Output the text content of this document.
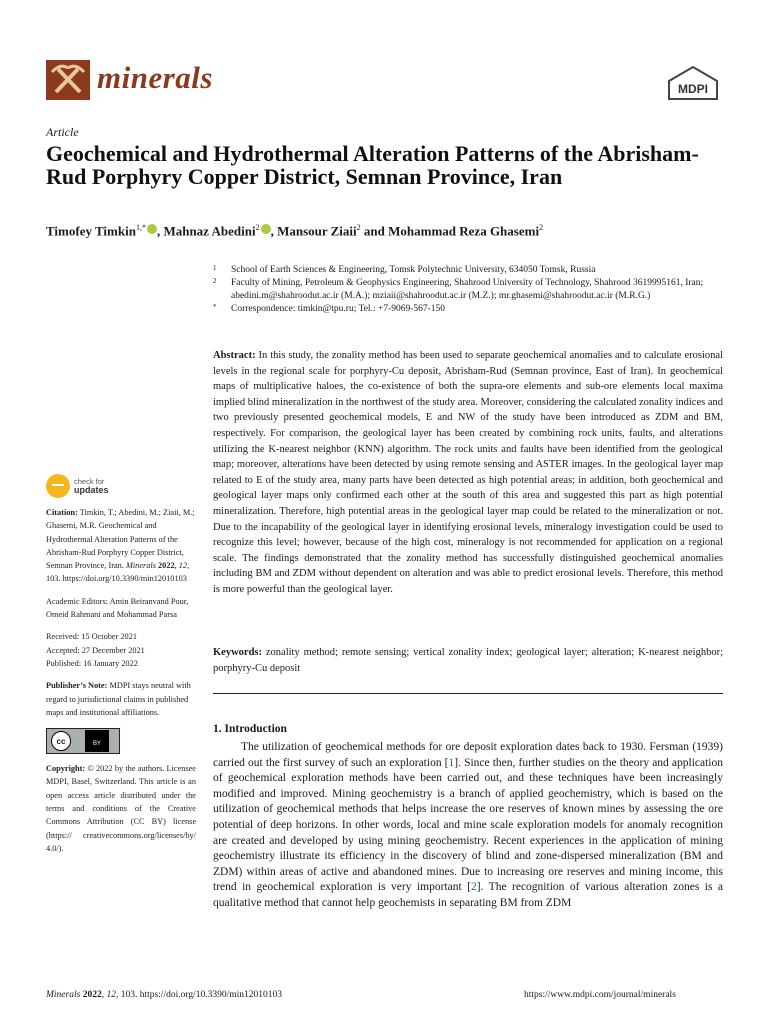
minerals	MDPI
Article
Geochemical and Hydrothermal Alteration Patterns of the Abrisham-Rud Porphyry Copper District, Semnan Province, Iran
Timofey Timkin$^{1,*}$ , Mahnaz Abedini$^2$ , Mansour Ziaii$^2$ and Mohammad Reza Ghasemi$^2$
1 School of Earth Sciences & Engineering, Tomsk Polytechnic University, 634050 Tomsk, Russia
2 Faculty of Mining, Petroleum & Geophysics Engineering, Shahrood University of Technology, Shahrood 3619995161, Iran; abedini.m@shahroodut.ac.ir (M.A.); mziaii@shahroodut.ac.ir (M.Z.); mr.ghasemi@shahroodut.ac.ir (M.R.G.)
* Correspondence: timkin@tpu.ru; Tel.: +7-9069-567-150
Abstract: In this study, the zonality method has been used to separate geochemical anomalies and to calculate erosional levels in the regional scale for porphyry-Cu deposit, Abrisham-Rud (Semnan province, East of Iran). In geochemical maps of multiplicative haloes, the co-existence of both the supra-ore elements and sub-ore elements local maxima implied blind mineralization in the northwest of the study area. Moreover, considering the calculated zonality indices and two previously presented geochemical models, E and NW of the study have been introduced as ZDM and BM, respectively. For comparison, the geological layer has been created by combining rock units, faults, and alterations utilizing the K-nearest neighbor (KNN) algorithm. The rock units and faults have been identified from the geological map; moreover, alterations have been detected by using remote sensing and ASTER images. In the geological layer map related to E of the study area, many parts have been detected as high potential areas; in addition, both geochemical and geological layer maps only confirmed each other at the south of this area and suggested this part as high potential mineralization. Therefore, high potential areas in the geological layer map could be related to the mineralization or not. Due to the incapability of the geological layer in identifying erosional levels, mineralogy investigation could be used to recognize this level; however, because of the high cost, mineralogy is not recommended for application on a regional scale. The findings demonstrated that the zonality method has successfully distinguished geochemical anomalies including BM and ZDM without dependent on alteration and was able to predict erosional levels. Therefore, this method is more powerful than the geological layer.
Keywords: zonality method; remote sensing; vertical zonality index; geological layer; alteration; K-nearest neighbor; porphyry-Cu deposit
1. Introduction
The utilization of geochemical methods for ore deposit exploration dates back to 1930. Fersman (1939) carried out the first survey of such an exploration [1]. Since then, further studies on the theory and application of geochemical exploration methods have been carried out, and these techniques have been increasingly modified and improved. Mining geochemistry is a branch of applied geochemistry, which is based on the utilization of geochemical methods that helps increase the ore reserves of known mines by assessing the ore potential of deep horizons. In other words, local and mine scale exploration models for anomaly recognition are created and developed by using mining geochemistry. Recent experiences in the application of mining geochemistry illustrate its efficiency in the discovery of blind and zone-dispersed mineralization (BM and ZDM) within areas of active and abandoned mines. Due to increasing ore reserves and mining income, this trend in geochemical exploration is very important [2]. The recognition of various alteration zones is a qualitative method that cannot help geochemists in separating BM from ZDM
check for
updates
Citation: Timkin, T.; Abedini, M.; Ziaii, M.; Ghasemi, M.R. Geochemical and Hydrothermal Alteration Patterns of the Abrisham-Rud Porphyry Copper District, Semnan Province, Iran. Minerals 2022, 12, 103. https://doi.org/10.3390/min12010103
Academic Editors: Amin Beiranvand Pour, Omeid Rahmani and Mohammad Parsa
Received: 15 October 2021
Accepted: 27 December 2021
Published: 16 January 2022
Publisher’s Note: MDPI stays neutral with regard to jurisdictional claims in published maps and institutional affiliations.
cc	BY
Copyright: © 2022 by the authors. Licensee MDPI, Basel, Switzerland. This article is an open access article distributed under the terms and conditions of the Creative Commons Attribution (CC BY) license (https:// creativecommons.org/licenses/by/ 4.0/).
Minerals 2022, 12, 103. https://doi.org/10.3390/min12010103	https://www.mdpi.com/journal/minerals
